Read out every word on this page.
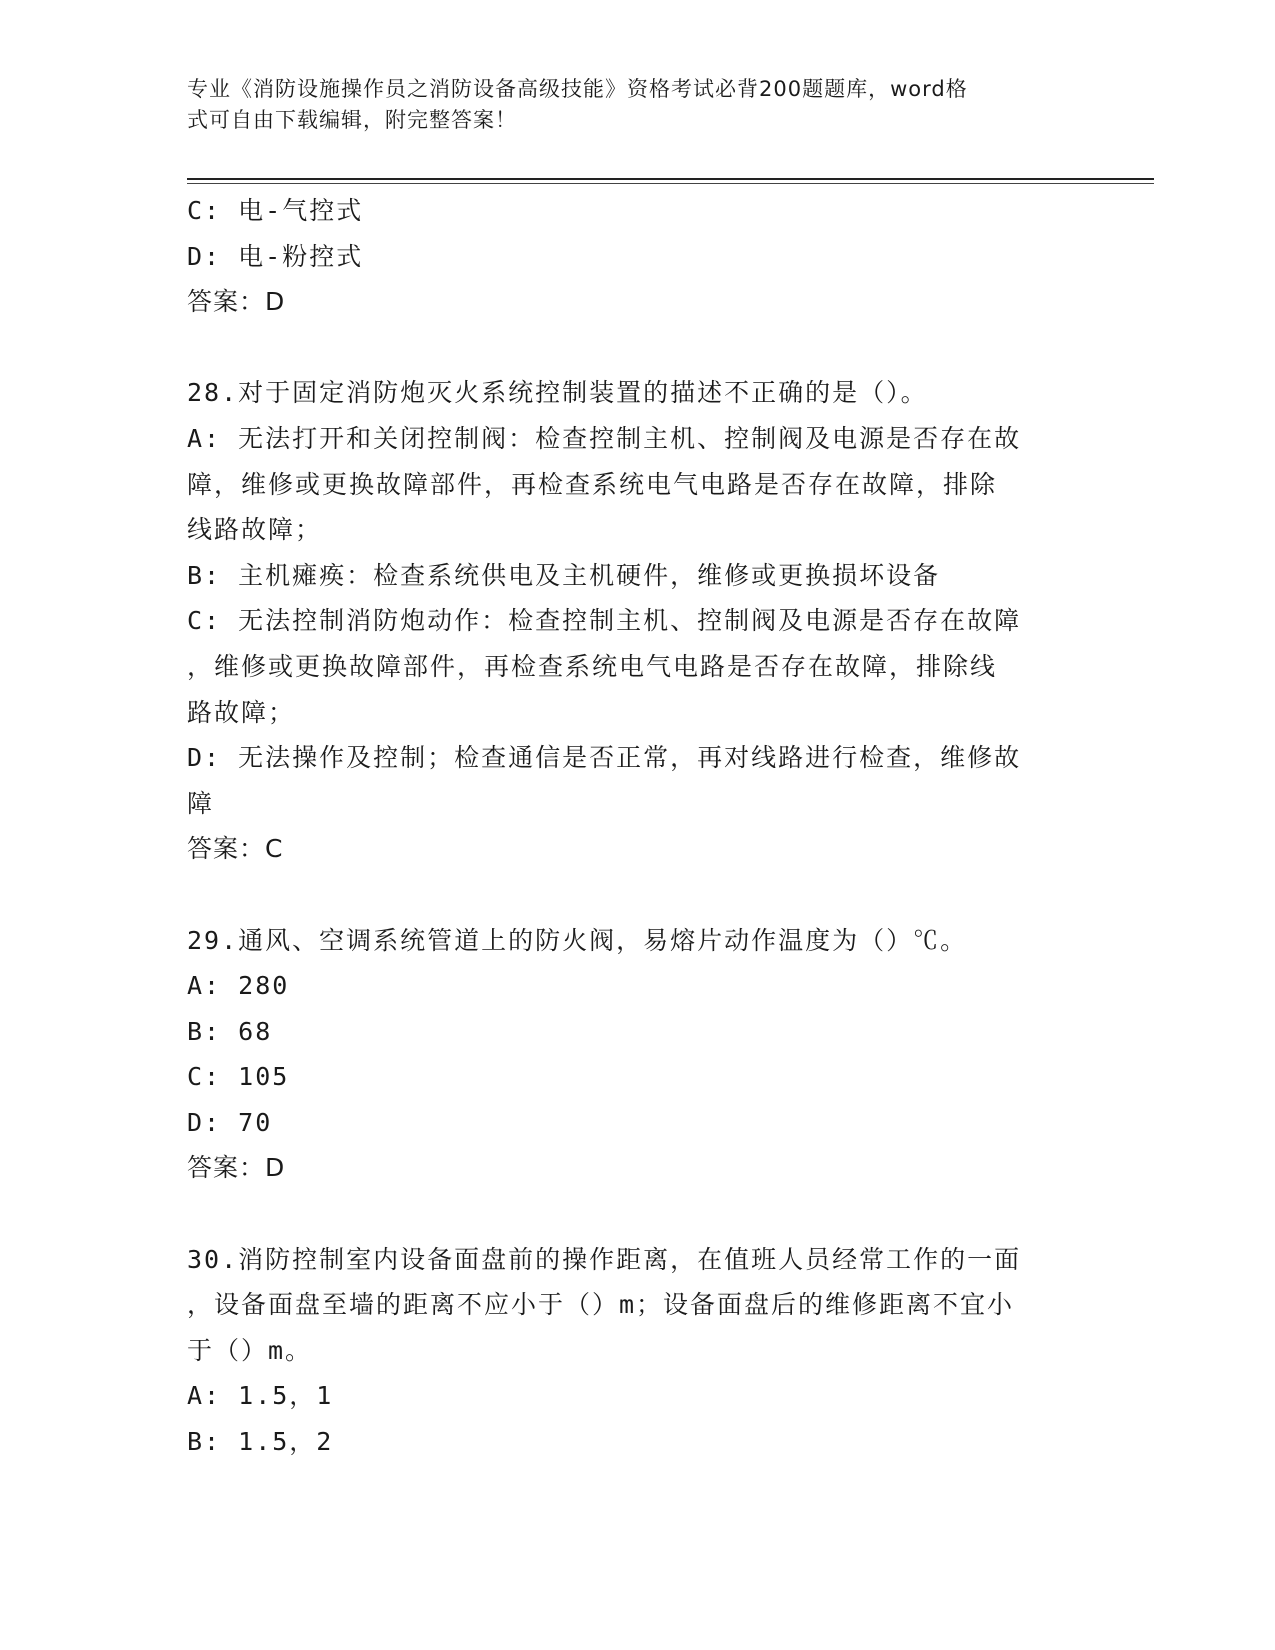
专业《消防设施操作员之消防设备高级技能》资格考试必背200题题库，word格
式可自由下载编辑，附完整答案！
C: 电-气控式
D: 电-粉控式
答案：D
28.对于固定消防炮灭火系统控制装置的描述不正确的是（）。
A: 无法打开和关闭控制阀：检查控制主机、控制阀及电源是否存在故
障，维修或更换故障部件，再检查系统电气电路是否存在故障，排除
线路故障；
B: 主机瘫痪：检查系统供电及主机硬件，维修或更换损坏设备
C: 无法控制消防炮动作：检查控制主机、控制阀及电源是否存在故障
，维修或更换故障部件，再检查系统电气电路是否存在故障，排除线
路故障；
D: 无法操作及控制；检查通信是否正常，再对线路进行检查，维修故
障
答案：C
29.通风、空调系统管道上的防火阀，易熔片动作温度为（）℃。
A: 280
B: 68
C: 105
D: 70
答案：D
30.消防控制室内设备面盘前的操作距离，在值班人员经常工作的一面
，设备面盘至墙的距离不应小于（）m；设备面盘后的维修距离不宜小
于（）m。
A: 1.5，1
B: 1.5，2
